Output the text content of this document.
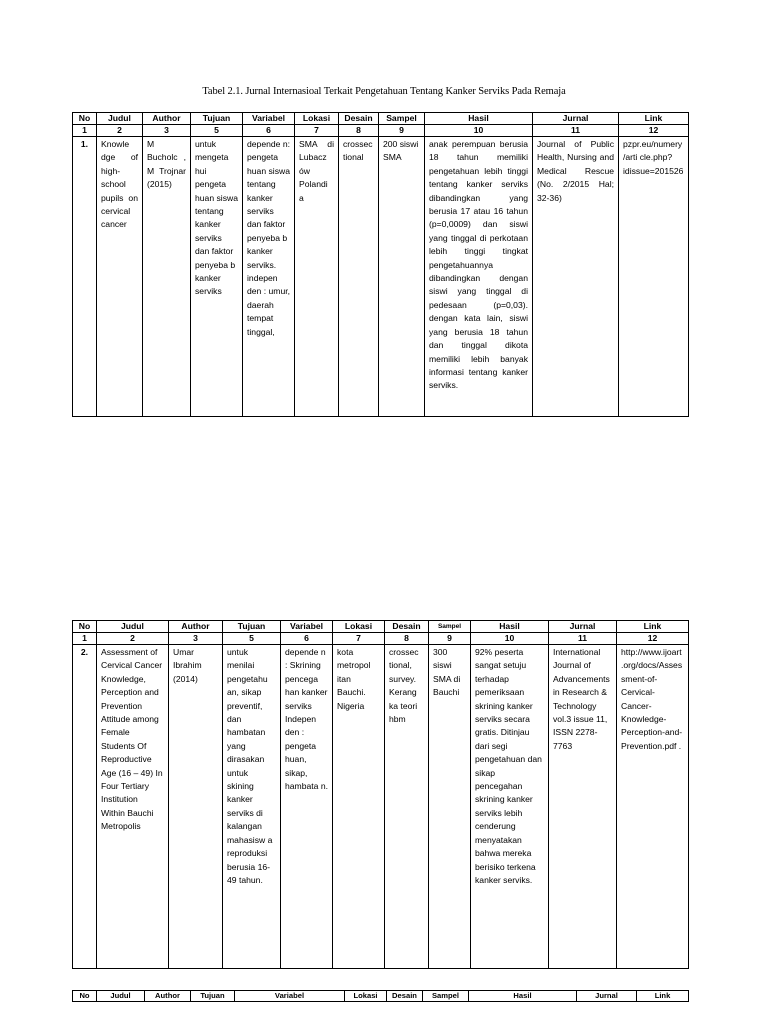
Tabel 2.1. Jurnal Internasioal Terkait Pengetahuan Tentang Kanker Serviks Pada Remaja
No	Judul	Author	Tujuan	Variabel	Lokasi	Desain	Sampel	Hasil	Jurnal	Link
1	2	3	5	6	7	8	9	10	11	12
1.	Knowle dge of high-school pupils on cervical cancer	M Bucholc , M Trojnar (2015)	untuk mengeta hui pengeta huan siswa tentang kanker serviks dan faktor penyeba b kanker serviks	depende n: pengeta huan siswa tentang kanker serviks dan faktor penyeba b kanker serviks. indepen den : umur, daerah tempat tinggal,	SMA di Lubacz ów Polandi a	crossec tional	200 siswi SMA	anak perempuan berusia 18 tahun memiliki pengetahuan lebih tinggi tentang kanker serviks dibandingkan yang berusia 17 atau 16 tahun (p=0,0009) dan siswi yang tinggal di perkotaan lebih tinggi tingkat pengetahuannya dibandingkan dengan siswi yang tinggal di pedesaan (p=0,03). dengan kata lain, siswi yang berusia 18 tahun dan tinggal dikota memiliki lebih banyak informasi tentang kanker serviks.	Journal of Public Health, Nursing and Medical Rescue (No. 2/2015 Hal; 32-36)	pzpr.eu/numery/arti cle.php?idissue=201526
No	Judul	Author	Tujuan	Variabel	Lokasi	Desain	Sampel	Hasil	Jurnal	Link
1	2	3	5	6	7	8	9	10	11	12
2.	Assessment of Cervical Cancer Knowledge, Perception and Prevention Attitude among Female Students Of Reproductive Age (16 – 49) In Four Tertiary Institution Within Bauchi Metropolis	Umar Ibrahim (2014)	untuk menilai pengetahu an, sikap preventif, dan hambatan yang dirasakan untuk skining kanker serviks di kalangan mahasisw a reproduksi berusia 16-49 tahun.	depende n : Skrining pencega han kanker serviks Indepen den : pengeta huan, sikap, hambata n.	kota metropol itan Bauchi. Nigeria	crossec tional, survey. Kerang ka teori hbm	300 siswi SMA di Bauchi	92% peserta sangat setuju terhadap pemeriksaan skrining kanker serviks secara gratis. Ditinjau dari segi pengetahuan dan sikap pencegahan skrining kanker serviks lebih cenderung menyatakan bahwa mereka berisiko terkena kanker serviks.	International Journal of Advancements in Research & Technology vol.3 issue 11, ISSN 2278-7763	http://www.ijoart.org/docs/Assessment-of-Cervical-Cancer-Knowledge-Perception-and-Prevention.pdf .
No	Judul	Author	Tujuan	Variabel	Lokasi	Desain	Sampel	Hasil	Jurnal	Link
